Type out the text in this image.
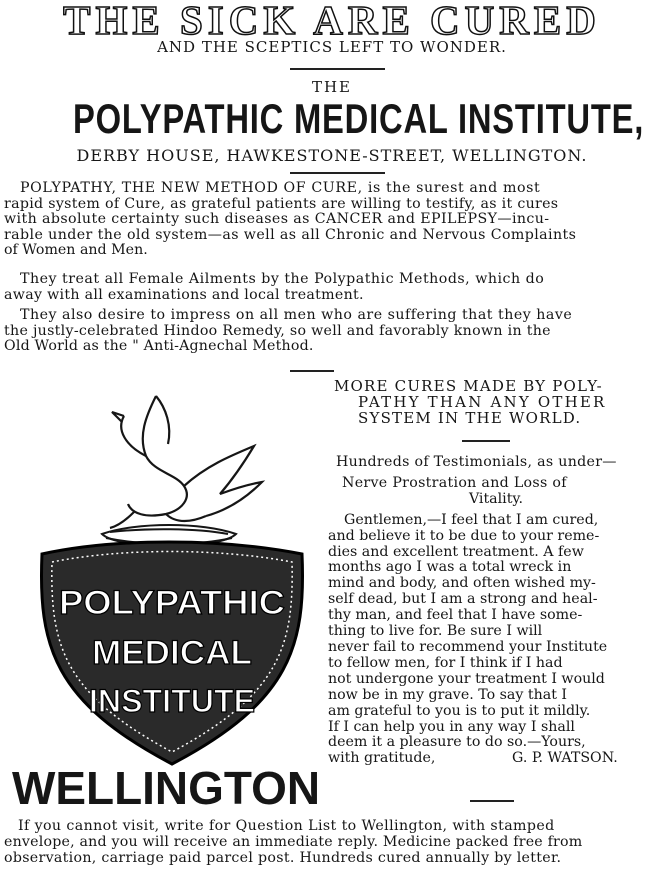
THE SICK ARE CURED
AND THE SCEPTICS LEFT TO WONDER.
THE
POLYPATHIC MEDICAL INSTITUTE,
DERBY HOUSE, HAWKESTONE-STREET, WELLINGTON.
POLYPATHY, THE NEW METHOD OF CURE, is the surest and most
rapid system of Cure, as grateful patients are willing to testify, as it cures
with absolute certainty such diseases as CANCER and EPILEPSY—incu-
rable under the old system—as well as all Chronic and Nervous Complaints
of Women and Men.
They treat all Female Ailments by the Polypathic Methods, which do
away with all examinations and local treatment.
They also desire to impress on all men who are suffering that they have
the justly-celebrated Hindoo Remedy, so well and favorably known in the
Old World as the " Anti-Agnechal Method.
POLYPATHIC
MEDICAL
INSTITUTE
WELLINGTON
MORE CURES MADE BY POLY-
PATHY THAN ANY OTHER
SYSTEM IN THE WORLD.
Hundreds of Testimonials, as under—
Nerve Prostration and Loss of
Vitality.
Gentlemen,—I feel that I am cured,
and believe it to be due to your reme-
dies and excellent treatment. A few
months ago I was a total wreck in
mind and body, and often wished my-
self dead, but I am a strong and heal-
thy man, and feel that I have some-
thing to live for. Be sure I will
never fail to recommend your Institute
to fellow men, for I think if I had
not undergone your treatment I would
now be in my grave. To say that I
am grateful to you is to put it mildly.
If I can help you in any way I shall
deem it a pleasure to do so.—Yours,
with gratitude,	G. P. WATSON.
If you cannot visit, write for Question List to Wellington, with stamped
envelope, and you will receive an immediate reply. Medicine packed free from
observation, carriage paid parcel post. Hundreds cured annually by letter.
